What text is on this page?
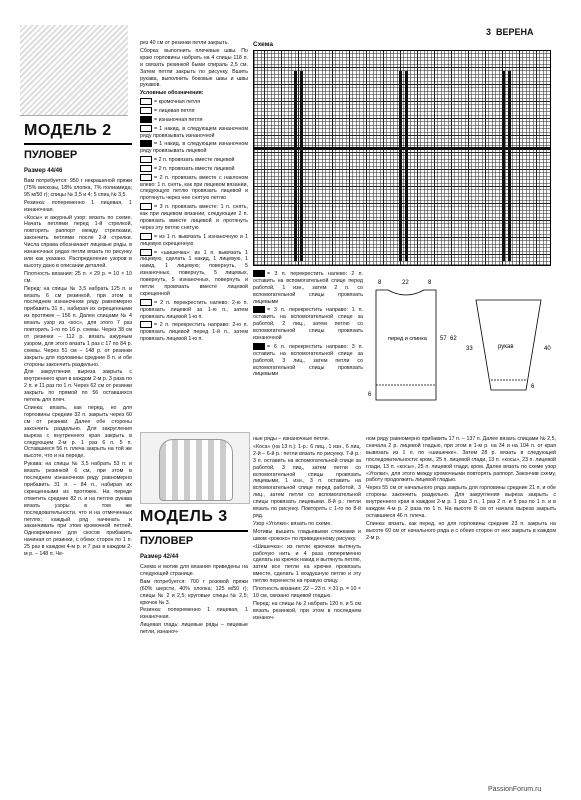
3 ВЕРЕНА
МОДЕЛЬ 2
ПУЛОВЕР
Размер 44/46

Вам потребуется: 950 г некрашеной пряжи (75% вискозы, 18% хлопка, 7% полиамида; 95 м/50 г); спицы № 3,5 и 4; 5 спиц № 3,5.

Резинка: попеременно 1 лицевая, 1 изнаночная.

«Косы» и ажурный узор: вязать по схеме. Начать петлями перед 1-й стрелкой, повторять раппорт между стрелками, закончить петлями после 2-й стрелки. Числа справа обозначают лицевые ряды, в изнаночных рядах петли вязать по рисунку или как указано. Распределение узоров в высоту дано в описании деталей.

Плотность вязания: 25 п. × 29 р. = 10 × 10 см.

Перед: на спицы № 3,5 набрать 125 п. и вязать 6 см резинкой, при этом в последнем изнаночном ряду равномерно прибавить 31 п., набирая их скрещенными из протяжек – 156 п. Далее спицами № 4 вязать узор из «кос», для этого 7 раз повторить 1-го по 16 р. схемы. Через 38 см от резинки – 112 р. вязать ажурным узором, для этого вязать 1 раз с 17 по 84 р. схемы. Через 51 см – 148 р. от резинки закрыть для горловины средние 8 п. и обе стороны закончить раздельно.

Для закругления выреза закрыть с внутреннего края в каждом 2-м р. 3 раза по 2 п. и 11 раз по 1 п. Через 62 см от резинки закрыть по прямой по 56 оставшихся петель для плеч.

Спинка: вязать, как перед, но для горловины средние 32 п. закрыть через 60 см от резинки. Далее обе стороны закончить раздельно. Для закругления выреза с внутреннего края закрыть в следующем 2-м р. 1 раз 6 п. 5 п. Оставшиеся 56 п. плеча закрыть на той же высоте, что и на переде.

Рукава: на спицы № 3,5 набрать 53 п. и вязать резинкой 6 см, при этом в последнем изнаночном ряду равномерно прибавить 31 п. – 84 п., набирая их скрещенными из протяжек. На переде отметить средние 82 п. и на петлях рукава вязать узоры в том же последовательности, что и на отмеченных петлях; каждый ряд начинать и заканчивать при этом кромочной петлей. Одновременно для скосов прибавить начиная от резинки, с обеих сторон по 1 п. 25 раз в каждом 4-м р. и 7 раз в каждом 2-м р. – 148 п. Че-

рез 40 см от резинки петли закрыть.

Сборка: выполнить плечевые швы. По краю горловины набрать на 4 спицы 118 п. и связать резинкой 6ыми спираль 2,5 см. Затем петли закрыть по рисунку. Вшить рукава, выполнить боковые швы и швы рукавов.

Условные обозначения:

= кромочная петля

= лицевая петля

= изнаночная петля

= 1 накид, в следующем изнаночном ряду провязывать изнаночной

= 1 накид, в следующем изнаночном ряду провязывать лицевой

= 2 п. провязать вместе лицевой

= 2 п. провязать вместе лицевой

= 2 п. провязать вместе с наклоном влево: 1 п. снять, как при лицевом вязании, следующую петлю провязать лицевой и протянуть через нее снятую петлю

= 3 п. провязать вместе: 1 п. снять, как при лицевом вязании, следующие 2 п. провязать вместе лицевой и протянуть через эту петлю снятую

= из 1 п. вывязать 1 изнаночную и 1 лицевую скрещенную

= «шишечка»: из 1 п. вывязать 1 лицевую, сделать 1 накид, 1 лицевую, 1 накид, 1 лицевую; повернуть, 5 изнаночных, повернуть, 5 лицевых, повернуть, 5 изнаночных, повернуть и петли провязать вместе лицевой скрещенной

= 2 п. перекрестить налево: 2-ю п. провязать лицевой за 1-ю п., затем провязать лицевой 1-ю п.

= 2 п. перекрестить направо: 2-ю п. провязать лицевой перед 1-й п., затем провязать лицевой 1-ю п.

Схема

= 3 п. перекрестить налево: 2 п. оставить на вспомогательной спице перед работой, 1 изн., затем 2 п. со вспомогательной спицы провязать лицевыми

= 3 п. перекрестить направо: 1 п. оставить на вспомогательной спице за работой, 2 лиц., затем петлю со вспомогательной спицы провязать изнаночной

= 6 п. перекрестить направо: 3 п. оставить на вспомогательной спице за работой, 3 лиц., затем петли со вспомогательной спицы провязать лицевыми

8	22	8
6
57 62
перед и спинка
рукав
33	40
6
МОДЕЛЬ 3
ПУЛОВЕР
Размер 42/44

Схема и мотив для вязания приведены на следующей странице.

Вам потребуется: 700 г розовой пряжи (60% шерсти, 40% хлопка; 125 м/50 г); спицы № 2 и 2,5; круговые спицы № 2,5; крючок № 3.

Резинка: попеременно 1 лицевая, 1 изнаночная.

Лицевая гладь: лицевые ряды – лицевые петли, изнаноч-

ные ряды – изнаночные петли.

«Коса» (на 13 п.): 1-р.: 6 лиц., 1 изн., 6 лиц. 2-й – 6-й р.: петли вязать по рисунку. 7-й р.: 3 п. оставить на вспомогательной спице за работой, 3 лиц., затем петли со вспомогательной спицы провязать лицевыми, 1 изн., 3 п. оставить на вспомогательной спице перед работой, 3 лиц., затем петли со вспомогательной спицы провязать лицевыми. 8-й р.: петли вязать по рисунку. Повторять с 1-го по 8-й ряд.

Узор «Уголки»: вязать по схеме.

Мотивы вышить гладьевыми стежками и швом «рококо» по приведенному рисунку.

«Шишечка»: из петли крючком вытянуть рабочую нить и 4 раза попеременно сделать на крючок накид и вытянуть петлю, затем все петли на крючке провязать вместе, сделать 1 воздушную петлю и эту петлю перенести на правую спицу.

Плотность вязания: 22 – 23 п. × 31 р. = 10 × 10 см, связано лицевой гладью.

Перед: на спицы № 2 набрать 120 п. и 5 см вязать резинкой, при этом в последнем изнаноч-

ном ряду равномерно прибавить 17 п. – 137 п. Далее вязать спицами № 2,5, сначала 2 р. лицевой гладью, при этом в 1-м р. на 34 и на 104 п. от края вывязать из 1 п. по «шишечке». Затем 28 р. вязать в следующей последовательности: кром., 25 п. лицевой глади, 13 п. «косы», 23 п. лицевой глади, 13 п. «косы», 25 п. лицевой глади, кром. Далее вязать по схеме узор «Уголки», для этого между кромочными повторять раппорт. Закончив схему, работу продолжить лицевой гладью.

Через 55 см от начального ряда закрыть для горловины средние 21 п. и обе стороны закончить раздельно. Для закругления выреза закрыть с внутреннего края в каждом 2-м р. 1 раз 3 п., 1 раз 2 п. и 5 раз по 1 п. и в каждом 4-м р. 2 раза по 1 п. На высоте 8 см от начала выреза закрыть оставшиеся 46 п. плеча.

Спинка: вязать, как перед, но для горловины средние 23 п. закрыть на высоте 60 см от начального ряда и с обеих сторон от них закрыть в каждом 2-м р.

PassionForum.ru
